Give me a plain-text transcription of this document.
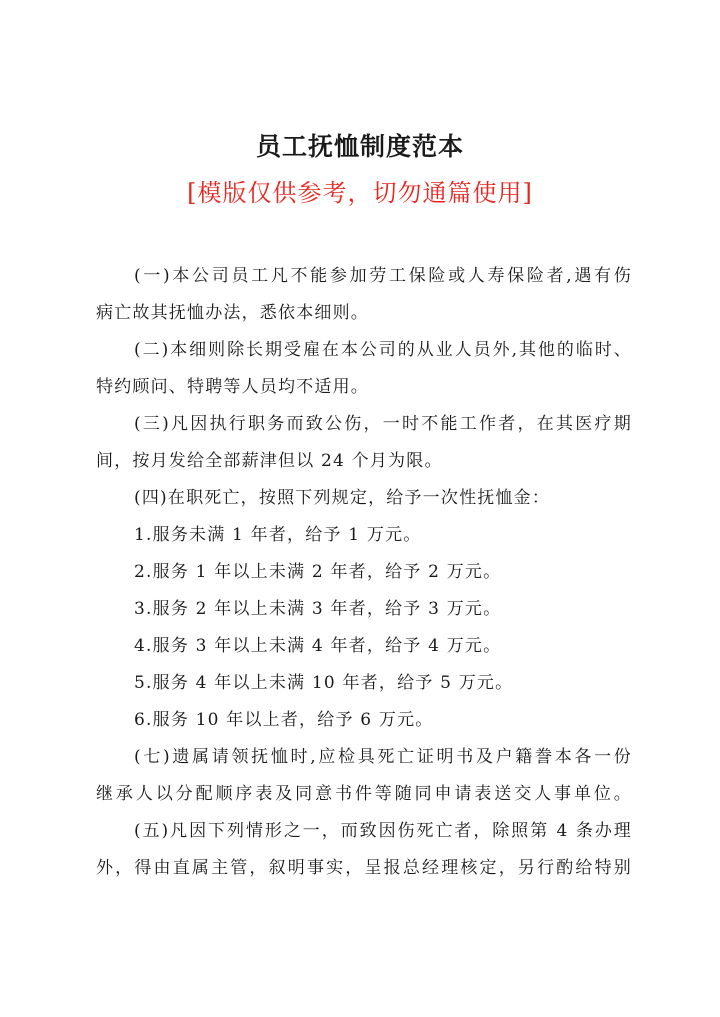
员工抚恤制度范本
[模版仅供参考，切勿通篇使用]
(一)本公司员工凡不能参加劳工保险或人寿保险者,遇有伤
病亡故其抚恤办法，悉依本细则。
(二)本细则除长期受雇在本公司的从业人员外,其他的临时、
特约顾问、特聘等人员均不适用。
(三)凡因执行职务而致公伤，一时不能工作者，在其医疗期
间，按月发给全部薪津但以 24 个月为限。
(四)在职死亡，按照下列规定，给予一次性抚恤金：
1.服务未满 1 年者，给予 1 万元。
2.服务 1 年以上未满 2 年者，给予 2 万元。
3.服务 2 年以上未满 3 年者，给予 3 万元。
4.服务 3 年以上未满 4 年者，给予 4 万元。
5.服务 4 年以上未满 10 年者，给予 5 万元。
6.服务 10 年以上者，给予 6 万元。
(七)遗属请领抚恤时,应检具死亡证明书及户籍誊本各一份
继承人以分配顺序表及同意书件等随同申请表送交人事单位。
(五)凡因下列情形之一，而致因伤死亡者，除照第 4 条办理
外，得由直属主管，叙明事实，呈报总经理核定，另行酌给特别
